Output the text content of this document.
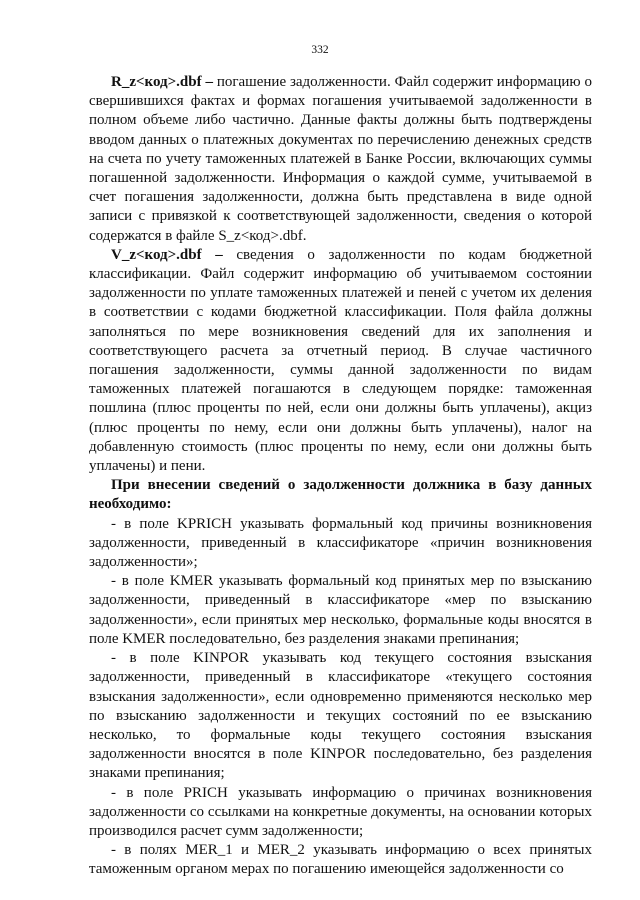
332

R_z<код>.dbf – погашение задолженности. Файл содержит информацию о свершившихся фактах и формах погашения учитываемой задолженности в полном объеме либо частично. Данные факты должны быть подтверждены вводом данных о платежных документах по перечислению денежных средств на счета по учету таможенных платежей в Банке России, включающих суммы погашенной задолженности. Информация о каждой сумме, учитываемой в счет погашения задолженности, должна быть представлена в виде одной записи с привязкой к соответствующей задолженности, сведения о которой содержатся в файле S_z<код>.dbf.

V_z<код>.dbf – сведения о задолженности по кодам бюджетной классификации. Файл содержит информацию об учитываемом состоянии задолженности по уплате таможенных платежей и пеней с учетом их деления в соответствии с кодами бюджетной классификации. Поля файла должны заполняться по мере возникновения сведений для их заполнения и соответствующего расчета за отчетный период. В случае частичного погашения задолженности, суммы данной задолженности по видам таможенных платежей погашаются в следующем порядке: таможенная пошлина (плюс проценты по ней, если они должны быть уплачены), акциз (плюс проценты по нему, если они должны быть уплачены), налог на добавленную стоимость (плюс проценты по нему, если они должны быть уплачены) и пени.

При внесении сведений о задолженности должника в базу данных необходимо:

- в поле KPRICH указывать формальный код причины возникновения задолженности, приведенный в классификаторе «причин возникновения задолженности»;

- в поле KMER указывать формальный код принятых мер по взысканию задолженности, приведенный в классификаторе «мер по взысканию задолженности», если принятых мер несколько, формальные коды вносятся в поле KMER последовательно, без разделения знаками препинания;

- в поле KINPOR указывать код текущего состояния взыскания задолженности, приведенный в классификаторе «текущего состояния взыскания задолженности», если одновременно применяются несколько мер по взысканию задолженности и текущих состояний по ее взысканию несколько, то формальные коды текущего состояния взыскания задолженности вносятся в поле KINPOR последовательно, без разделения знаками препинания;

- в поле PRICH указывать информацию о причинах возникновения задолженности со ссылками на конкретные документы, на основании которых производился расчет сумм задолженности;

- в полях MER_1 и MER_2 указывать информацию о всех принятых таможенным органом мерах по погашению имеющейся задолженности со
